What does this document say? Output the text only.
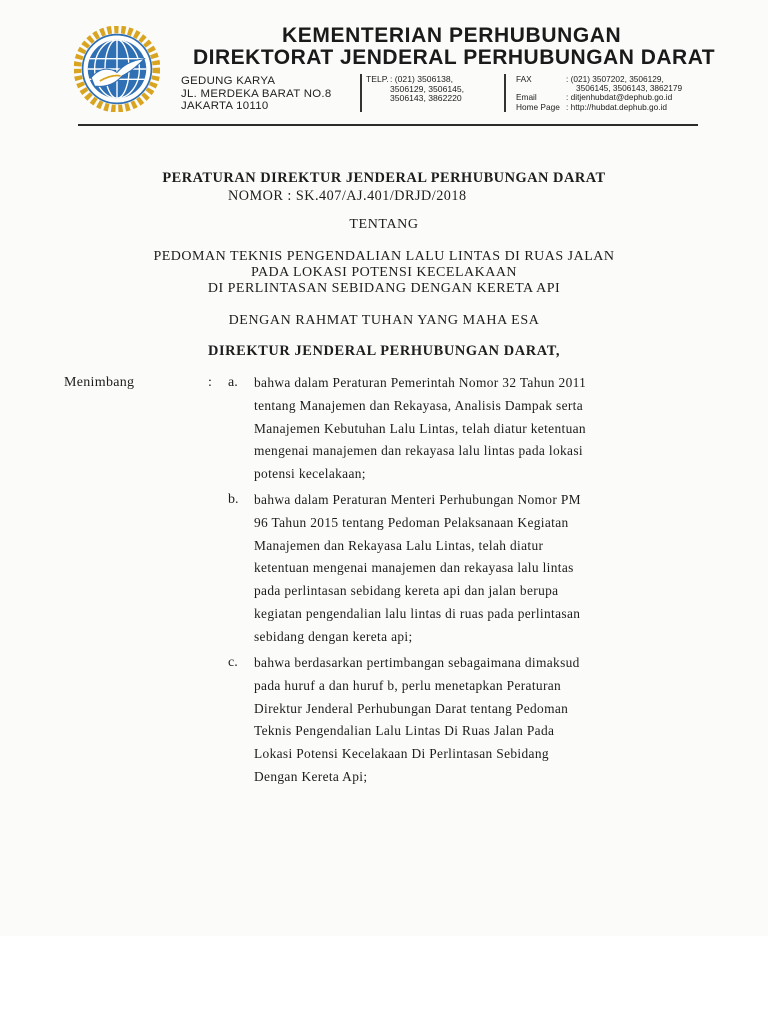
KEMENTERIAN PERHUBUNGAN
DIREKTORAT JENDERAL PERHUBUNGAN DARAT
GEDUNG KARYA
JL. MERDEKA BARAT NO.8
JAKARTA 10110
TELP. : (021) 3506138,
3506129, 3506145,
3506143, 3862220
FAX	: (021) 3507202, 3506129,
3506145, 3506143, 3862179
Email	: ditjenhubdat@dephub.go.id
Home Page : http://hubdat.dephub.go.id
PERATURAN DIREKTUR JENDERAL PERHUBUNGAN DARAT
NOMOR : SK.407/AJ.401/DRJD/2018
TENTANG
PEDOMAN TEKNIS PENGENDALIAN LALU LINTAS DI RUAS JALAN
PADA LOKASI POTENSI KECELAKAAN
DI PERLINTASAN SEBIDANG DENGAN KERETA API
DENGAN RAHMAT TUHAN YANG MAHA ESA
DIREKTUR JENDERAL PERHUBUNGAN DARAT,
Menimbang	: a. bahwa dalam Peraturan Pemerintah Nomor 32 Tahun 2011
tentang Manajemen dan Rekayasa, Analisis Dampak serta
Manajemen Kebutuhan Lalu Lintas, telah diatur ketentuan
mengenai manajemen dan rekayasa lalu lintas pada lokasi
potensi kecelakaan;
b. bahwa dalam Peraturan Menteri Perhubungan Nomor PM
96 Tahun 2015 tentang Pedoman Pelaksanaan Kegiatan
Manajemen dan Rekayasa Lalu Lintas, telah diatur
ketentuan mengenai manajemen dan rekayasa lalu lintas
pada perlintasan sebidang kereta api dan jalan berupa
kegiatan pengendalian lalu lintas di ruas pada perlintasan
sebidang dengan kereta api;
c. bahwa berdasarkan pertimbangan sebagaimana dimaksud
pada huruf a dan huruf b, perlu menetapkan Peraturan
Direktur Jenderal Perhubungan Darat tentang Pedoman
Teknis Pengendalian Lalu Lintas Di Ruas Jalan Pada
Lokasi Potensi Kecelakaan Di Perlintasan Sebidang
Dengan Kereta Api;
